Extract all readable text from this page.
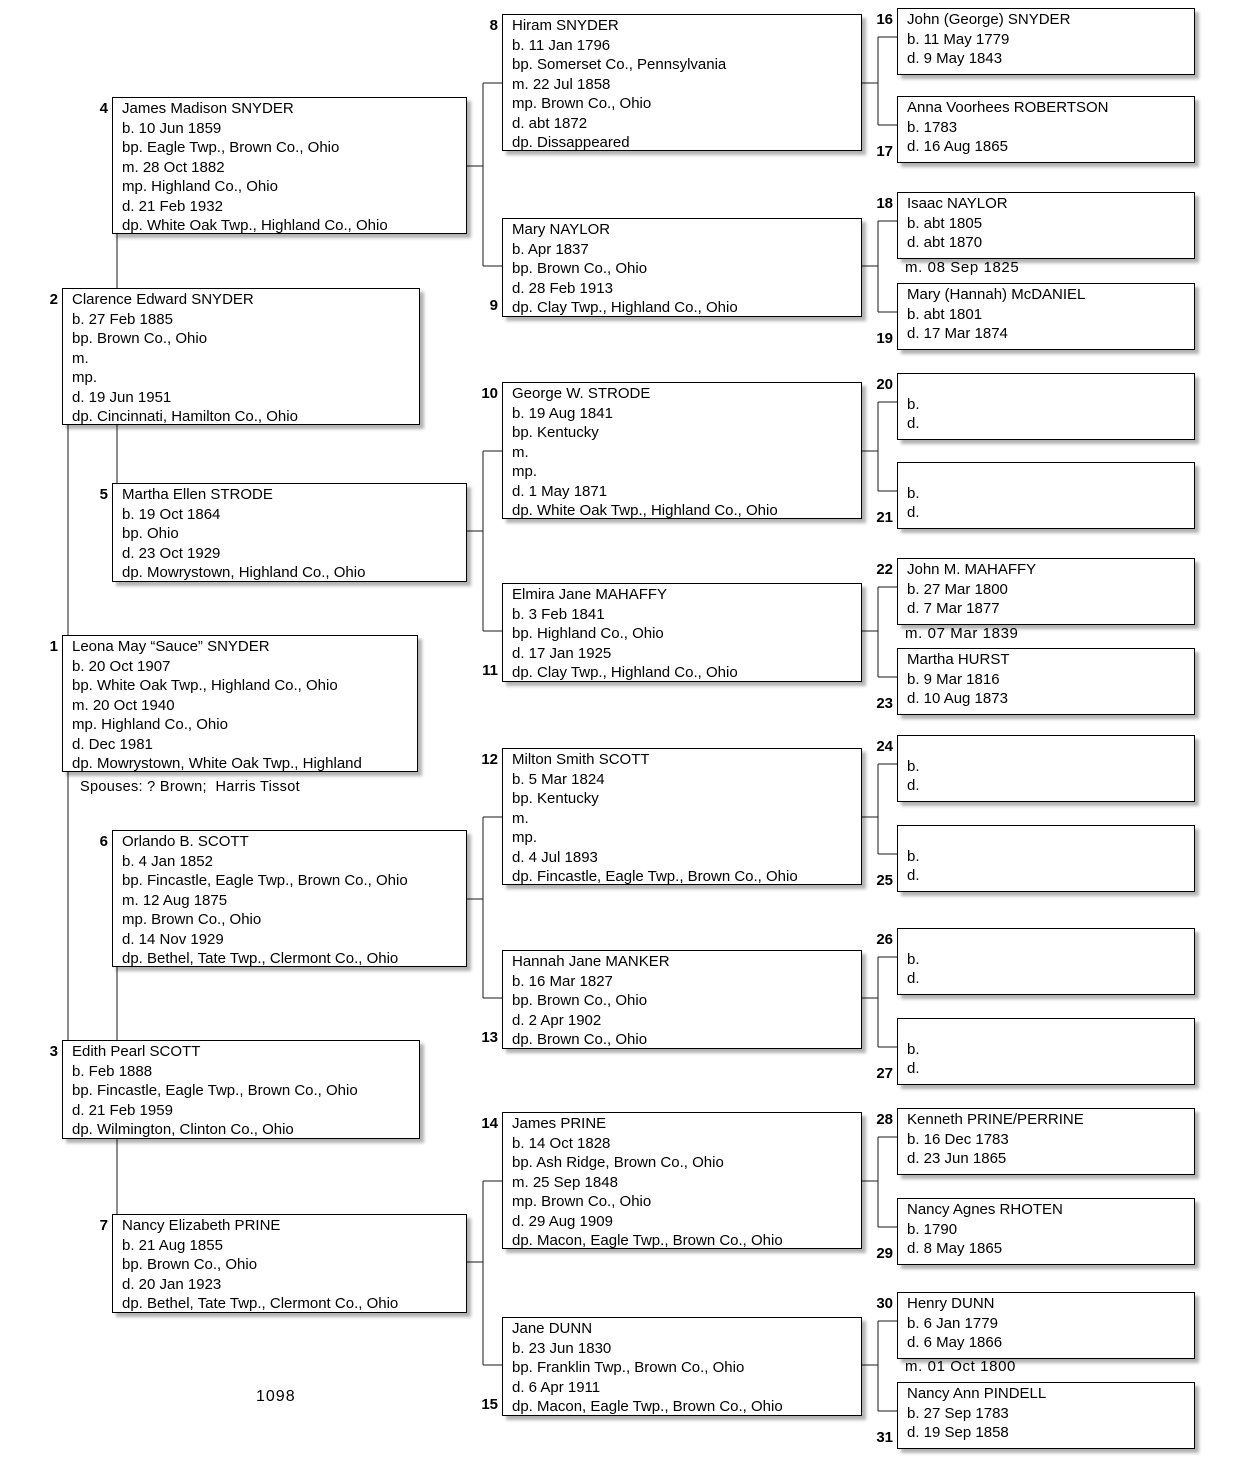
1 Leona May “Sauce” SNYDER
b. 20 Oct 1907
bp. White Oak Twp., Highland Co., Ohio
m. 20 Oct 1940
mp. Highland Co., Ohio
d. Dec 1981
dp. Mowrystown, White Oak Twp., Highland
2 Clarence Edward SNYDER
b. 27 Feb 1885
bp. Brown Co., Ohio
m.
mp.
d. 19 Jun 1951
dp. Cincinnati, Hamilton Co., Ohio
3 Edith Pearl SCOTT
b. Feb 1888
bp. Fincastle, Eagle Twp., Brown Co., Ohio
d. 21 Feb 1959
dp. Wilmington, Clinton Co., Ohio
4 James Madison SNYDER
b. 10 Jun 1859
bp. Eagle Twp., Brown Co., Ohio
m. 28 Oct 1882
mp. Highland Co., Ohio
d. 21 Feb 1932
dp. White Oak Twp., Highland Co., Ohio
5 Martha Ellen STRODE
b. 19 Oct 1864
bp. Ohio
d. 23 Oct 1929
dp. Mowrystown, Highland Co., Ohio
6 Orlando B. SCOTT
b. 4 Jan 1852
bp. Fincastle, Eagle Twp., Brown Co., Ohio
m. 12 Aug 1875
mp. Brown Co., Ohio
d. 14 Nov 1929
dp. Bethel, Tate Twp., Clermont Co., Ohio
7 Nancy Elizabeth PRINE
b. 21 Aug 1855
bp. Brown Co., Ohio
d. 20 Jan 1923
dp. Bethel, Tate Twp., Clermont Co., Ohio
8 Hiram SNYDER
b. 11 Jan 1796
bp. Somerset Co., Pennsylvania
m. 22 Jul 1858
mp. Brown Co., Ohio
d. abt 1872
dp. Dissappeared
9
Mary NAYLOR
b. Apr 1837
bp. Brown Co., Ohio
d. 28 Feb 1913
dp. Clay Twp., Highland Co., Ohio
10 George W. STRODE
b. 19 Aug 1841
bp. Kentucky
m.
mp.
d. 1 May 1871
dp. White Oak Twp., Highland Co., Ohio
11
Elmira Jane MAHAFFY
b. 3 Feb 1841
bp. Highland Co., Ohio
d. 17 Jan 1925
dp. Clay Twp., Highland Co., Ohio
12 Milton Smith SCOTT
b. 5 Mar 1824
bp. Kentucky
m.
mp.
d. 4 Jul 1893
dp. Fincastle, Eagle Twp., Brown Co., Ohio
13
Hannah Jane MANKER
b. 16 Mar 1827
bp. Brown Co., Ohio
d. 2 Apr 1902
dp. Brown Co., Ohio
14 James PRINE
b. 14 Oct 1828
bp. Ash Ridge, Brown Co., Ohio
m. 25 Sep 1848
mp. Brown Co., Ohio
d. 29 Aug 1909
dp. Macon, Eagle Twp., Brown Co., Ohio
15
Jane DUNN
b. 23 Jun 1830
bp. Franklin Twp., Brown Co., Ohio
d. 6 Apr 1911
dp. Macon, Eagle Twp., Brown Co., Ohio
16 John (George) SNYDER
b. 11 May 1779
d. 9 May 1843
17
Anna Voorhees ROBERTSON
b. 1783
d. 16 Aug 1865
18 Isaac NAYLOR
b. abt 1805
d. abt 1870
19
Mary (Hannah) McDANIEL
b. abt 1801
d. 17 Mar 1874
20
b.
d.
21
b.
d.
22 John M. MAHAFFY
b. 27 Mar 1800
d. 7 Mar 1877
23
Martha HURST
b. 9 Mar 1816
d. 10 Aug 1873
24
b.
d.
25
b.
d.
26
b.
d.
27
b.
d.
28 Kenneth PRINE/PERRINE
b. 16 Dec 1783
d. 23 Jun 1865
29
Nancy Agnes RHOTEN
b. 1790
d. 8 May 1865
30 Henry DUNN
b. 6 Jan 1779
d. 6 May 1866
31
Nancy Ann PINDELL
b. 27 Sep 1783
d. 19 Sep 1858
m. 08 Sep 1825
m. 07 Mar 1839
m. 01 Oct 1800
Spouses: ? Brown;  Harris Tissot
1098
